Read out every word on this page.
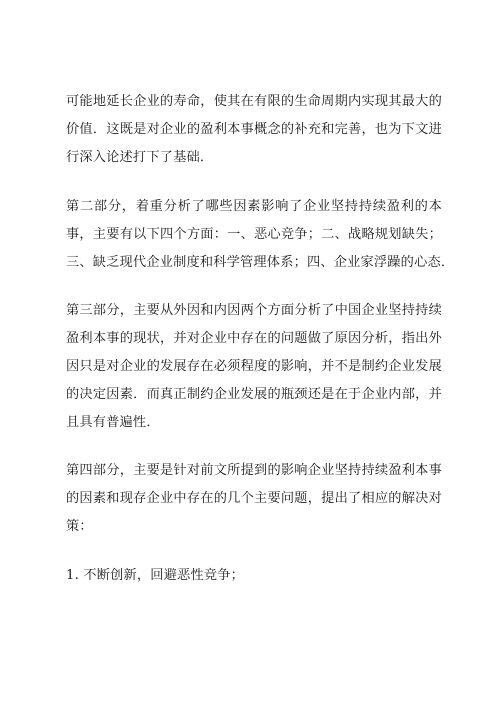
可能地延长企业的寿命，使其在有限的生命周期内实现其最大的
价值．这既是对企业的盈利本事概念的补充和完善，也为下文进
行深入论述打下了基础．

第二部分，着重分析了哪些因素影响了企业坚持持续盈利的本
事，主要有以下四个方面：一、恶心竞争；二、战略规划缺失；
三、缺乏现代企业制度和科学管理体系；四、企业家浮躁的心态．

第三部分，主要从外因和内因两个方面分析了中国企业坚持持续
盈利本事的现状，并对企业中存在的问题做了原因分析，指出外
因只是对企业的发展存在必须程度的影响，并不是制约企业发展
的决定因素．而真正制约企业发展的瓶颈还是在于企业内部，并
且具有普遍性．

第四部分，主要是针对前文所提到的影响企业坚持持续盈利本事
的因素和现存企业中存在的几个主要问题，提出了相应的解决对
策：

1. 不断创新，回避恶性竞争；
